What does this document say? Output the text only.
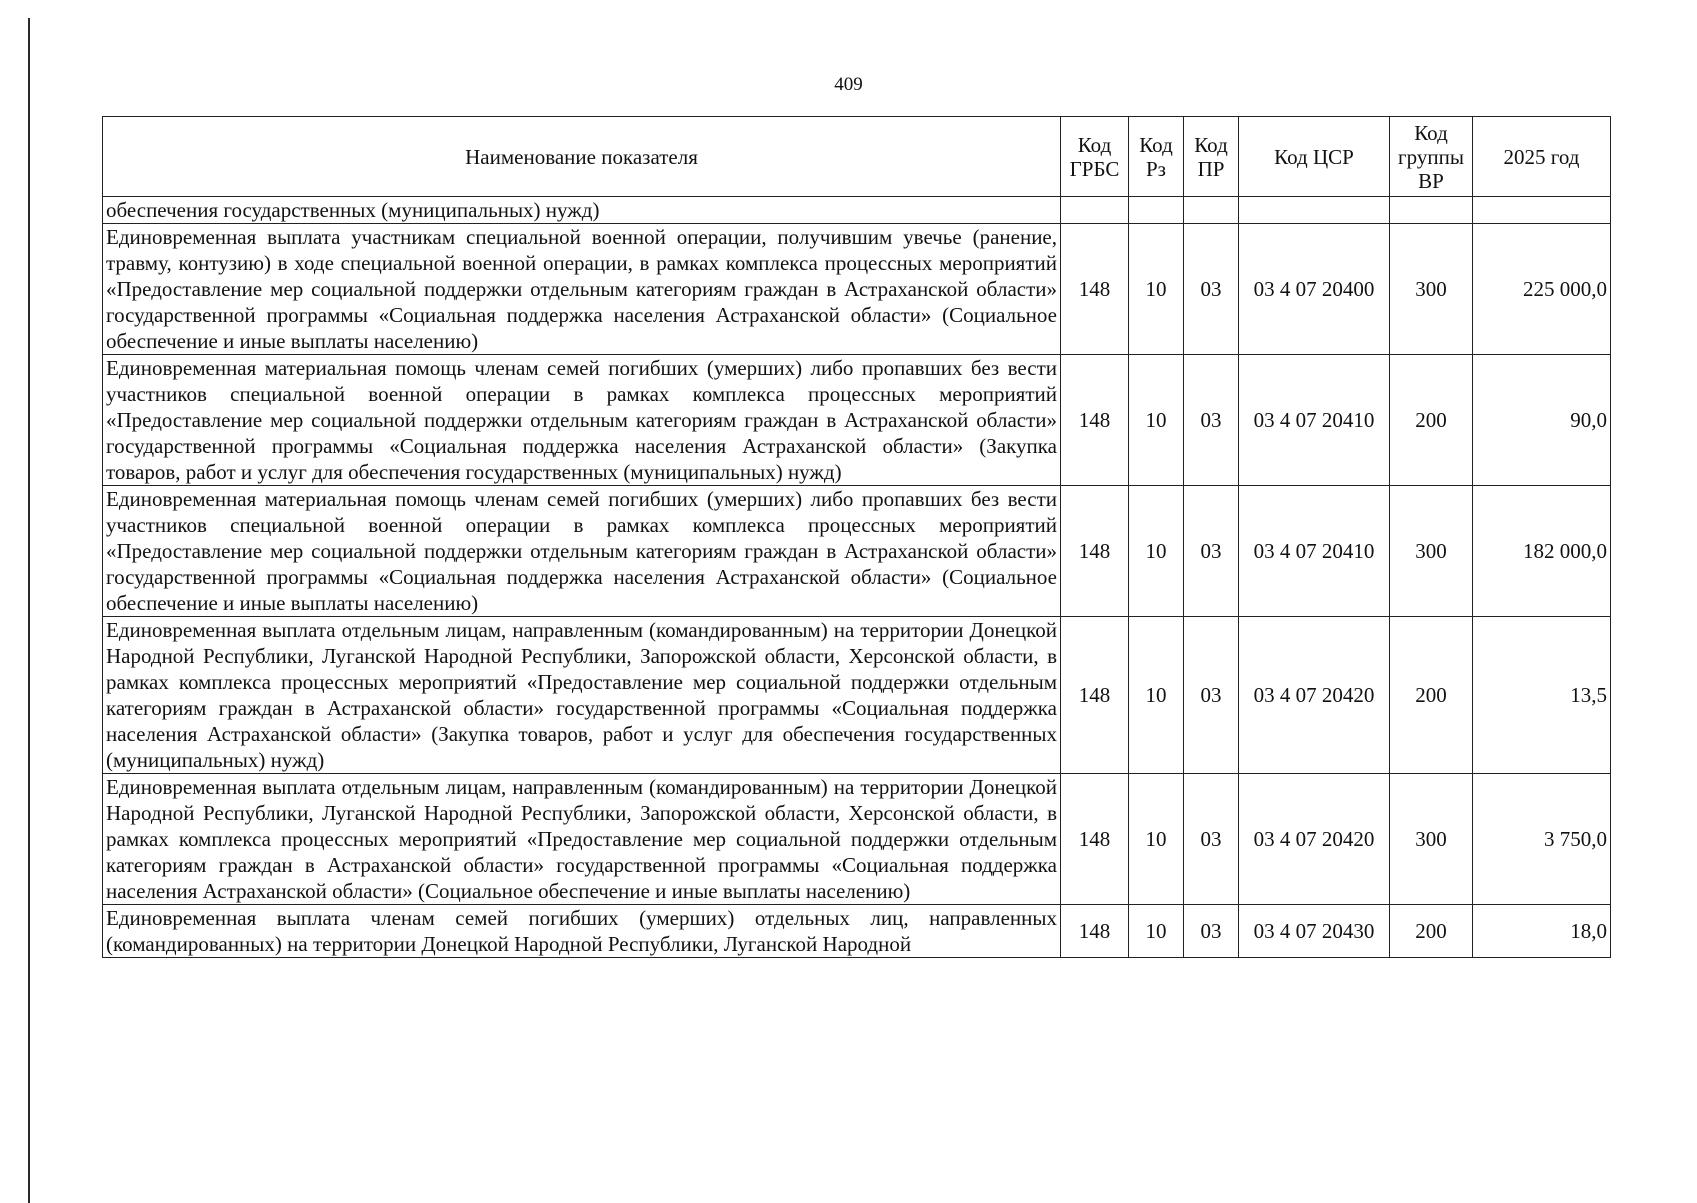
409
Наименование показателя	Код ГРБС	Код Рз	Код ПР	Код ЦСР	Код группы ВР	2025 год
обеспечения государственных (муниципальных) нужд)						
Единовременная выплата участникам специальной военной операции, получившим увечье (ранение, травму, контузию) в ходе специальной военной операции, в рамках комплекса процессных мероприятий «Предоставление мер социальной поддержки отдельным категориям граждан в Астраханской области» государственной программы «Социальная поддержка населения Астраханской области» (Социальное обеспечение и иные выплаты населению)	148	10	03	03 4 07 20400	300	225 000,0
Единовременная материальная помощь членам семей погибших (умерших) либо пропавших без вести участников специальной военной операции в рамках комплекса процессных мероприятий «Предоставление мер социальной поддержки отдельным категориям граждан в Астраханской области» государственной программы «Социальная поддержка населения Астраханской области» (Закупка товаров, работ и услуг для обеспечения государственных (муниципальных) нужд)	148	10	03	03 4 07 20410	200	90,0
Единовременная материальная помощь членам семей погибших (умерших) либо пропавших без вести участников специальной военной операции в рамках комплекса процессных мероприятий «Предоставление мер социальной поддержки отдельным категориям граждан в Астраханской области» государственной программы «Социальная поддержка населения Астраханской области» (Социальное обеспечение и иные выплаты населению)	148	10	03	03 4 07 20410	300	182 000,0
Единовременная выплата отдельным лицам, направленным (командированным) на территории Донецкой Народной Республики, Луганской Народной Республики, Запорожской области, Херсонской области, в рамках комплекса процессных мероприятий «Предоставление мер социальной поддержки отдельным категориям граждан в Астраханской области» государственной программы «Социальная поддержка населения Астраханской области» (Закупка товаров, работ и услуг для обеспечения государственных (муниципальных) нужд)	148	10	03	03 4 07 20420	200	13,5
Единовременная выплата отдельным лицам, направленным (командированным) на территории Донецкой Народной Республики, Луганской Народной Республики, Запорожской области, Херсонской области, в рамках комплекса процессных мероприятий «Предоставление мер социальной поддержки отдельным категориям граждан в Астраханской области» государственной программы «Социальная поддержка населения Астраханской области» (Социальное обеспечение и иные выплаты населению)	148	10	03	03 4 07 20420	300	3 750,0
Единовременная выплата членам семей погибших (умерших) отдельных лиц, направленных (командированных) на территории Донецкой Народной Республики, Луганской Народной	148	10	03	03 4 07 20430	200	18,0
